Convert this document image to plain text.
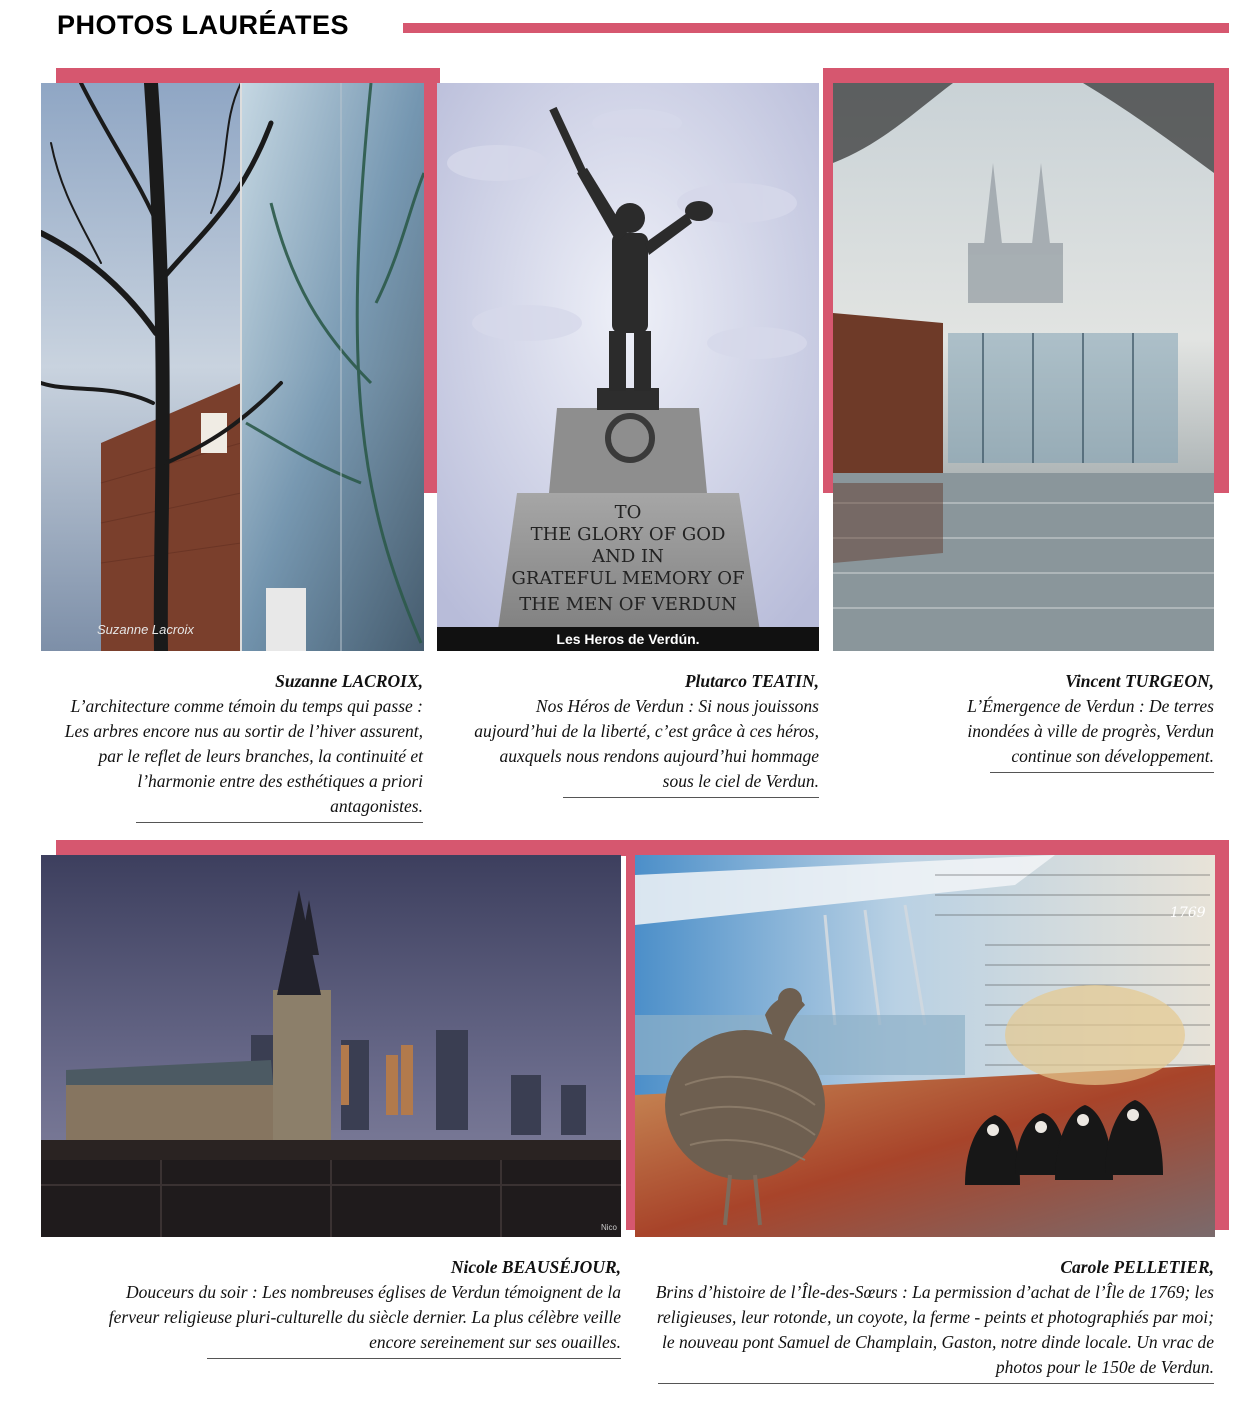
PHOTOS LAURÉATES
Suzanne Lacroix
TO
THE GLORY OF GOD
AND IN
GRATEFUL MEMORY OF
THE MEN OF VERDUN
Les Heros de Verdún.
Suzanne LACROIX,
L’architecture comme témoin du temps qui passe : Les arbres encore nus au sortir de l’hiver assurent, par le reflet de leurs branches, la continuité et l’harmonie entre des esthétiques a priori antagonistes.
Plutarco TEATIN,
Nos Héros de Verdun : Si nous jouissons aujourd’hui de la liberté, c’est grâce à ces héros, auxquels nous rendons aujourd’hui hommage sous le ciel de Verdun.
Vincent TURGEON,
L’Émergence de Verdun : De terres inondées à ville de progrès, Verdun continue son développement.
Nico
1769
Nicole BEAUSÉJOUR,
Douceurs du soir : Les nombreuses églises de Verdun témoignent de la ferveur religieuse pluri-culturelle du siècle dernier. La plus célèbre veille encore sereinement sur ses ouailles.
Carole PELLETIER,
Brins d’histoire de l’Île-des-Sœurs : La permission d’achat de l’Île de 1769; les religieuses, leur rotonde, un coyote, la ferme - peints et photographiés par moi; le nouveau pont Samuel de Champlain, Gaston, notre dinde locale. Un vrac de photos pour le 150e de Verdun.
